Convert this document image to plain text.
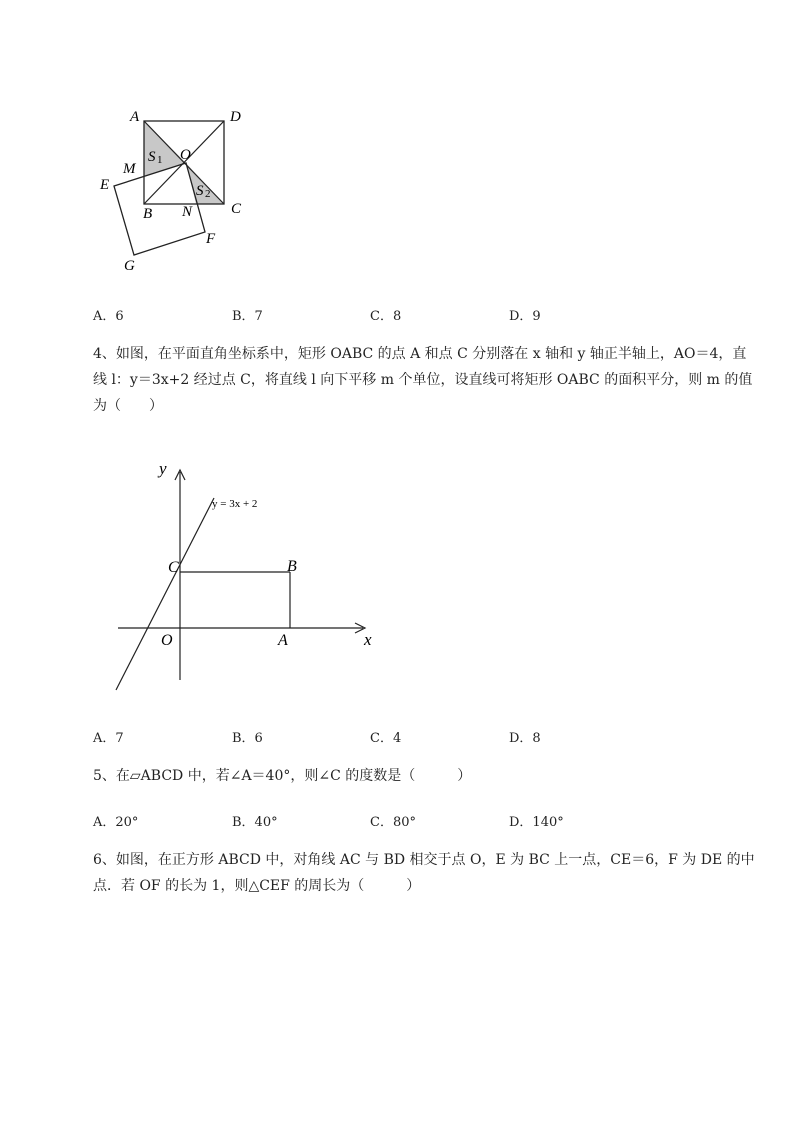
A	D
O
M
S 1
E	S 2
C
B N
F
G
A．6	B．7	C．8	D．9
4、如图，在平面直角坐标系中，矩形 OABC 的点 A 和点 C 分别落在 x 轴和 y 轴正半轴上，AO＝4，直
线 l：y＝3x+2 经过点 C，将直线 l 向下平移 m 个单位，设直线可将矩形 OABC 的面积平分，则 m 的值
为（　　）
y
y = 3x + 2
C	B
O	A	x
A．7	B．6	C．4	D．8
5、在▱ABCD 中，若∠A＝40°，则∠C 的度数是（　　　）
A．20°	B．40°	C．80°	D．140°
6、如图，在正方形 ABCD 中，对角线 AC 与 BD 相交于点 O，E 为 BC 上一点，CE＝6，F 为 DE 的中
点．若 OF 的长为 1，则△CEF 的周长为（　　　）
